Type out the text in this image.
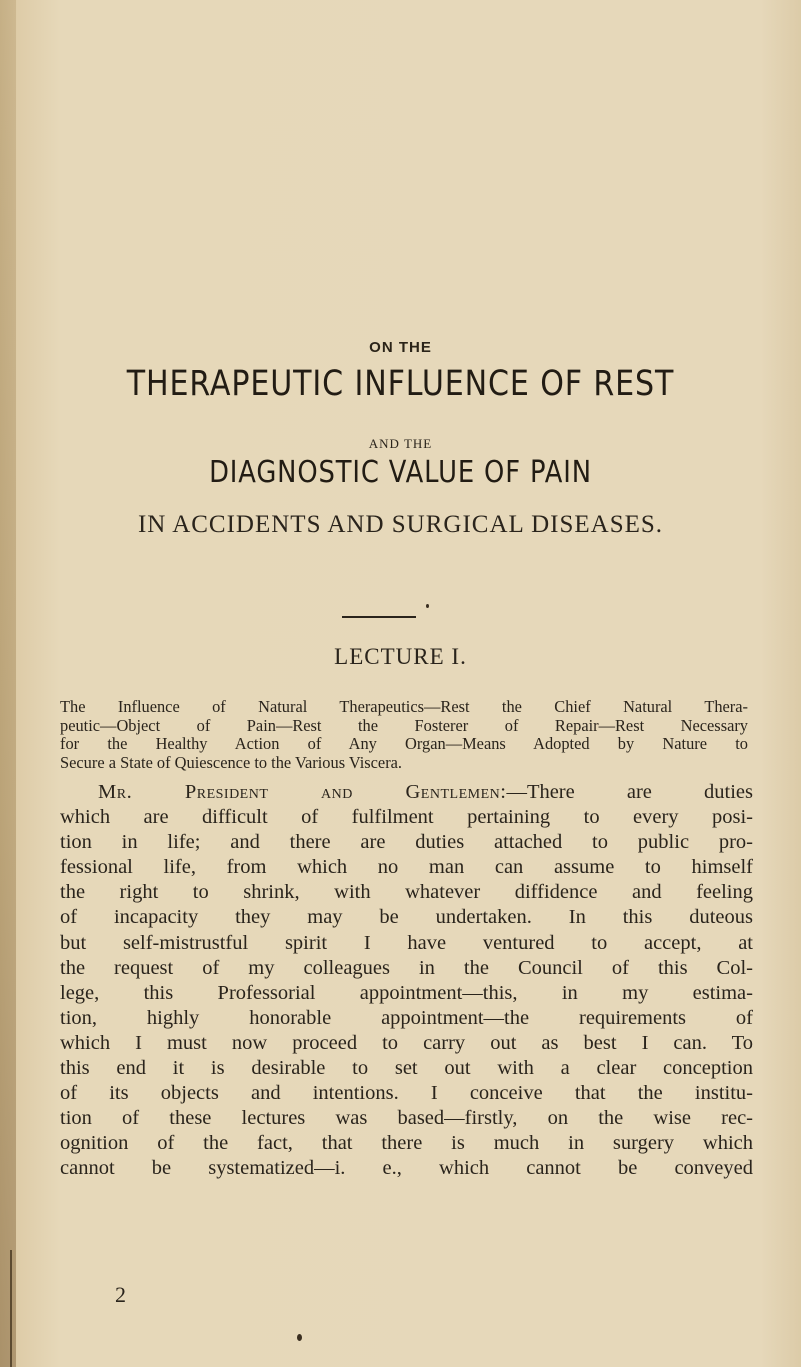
ON THE
THERAPEUTIC INFLUENCE OF REST
AND THE
DIAGNOSTIC VALUE OF PAIN
IN ACCIDENTS AND SURGICAL DISEASES.
LECTURE I.
The Influence of Natural Therapeutics—Rest the Chief Natural Thera-
peutic—Object of Pain—Rest the Fosterer of Repair—Rest Necessary
for the Healthy Action of Any Organ—Means Adopted by Nature to
Secure a State of Quiescence to the Various Viscera.
Mr. President and Gentlemen:—There are duties
which are difficult of fulfilment pertaining to every posi-
tion in life; and there are duties attached to public pro-
fessional life, from which no man can assume to himself
the right to shrink, with whatever diffidence and feeling
of incapacity they may be undertaken. In this duteous
but self-mistrustful spirit I have ventured to accept, at
the request of my colleagues in the Council of this Col-
lege, this Professorial appointment—this, in my estima-
tion, highly honorable appointment—the requirements of
which I must now proceed to carry out as best I can. To
this end it is desirable to set out with a clear conception
of its objects and intentions. I conceive that the institu-
tion of these lectures was based—firstly, on the wise rec-
ognition of the fact, that there is much in surgery which
cannot be systematized—i. e., which cannot be conveyed
2
